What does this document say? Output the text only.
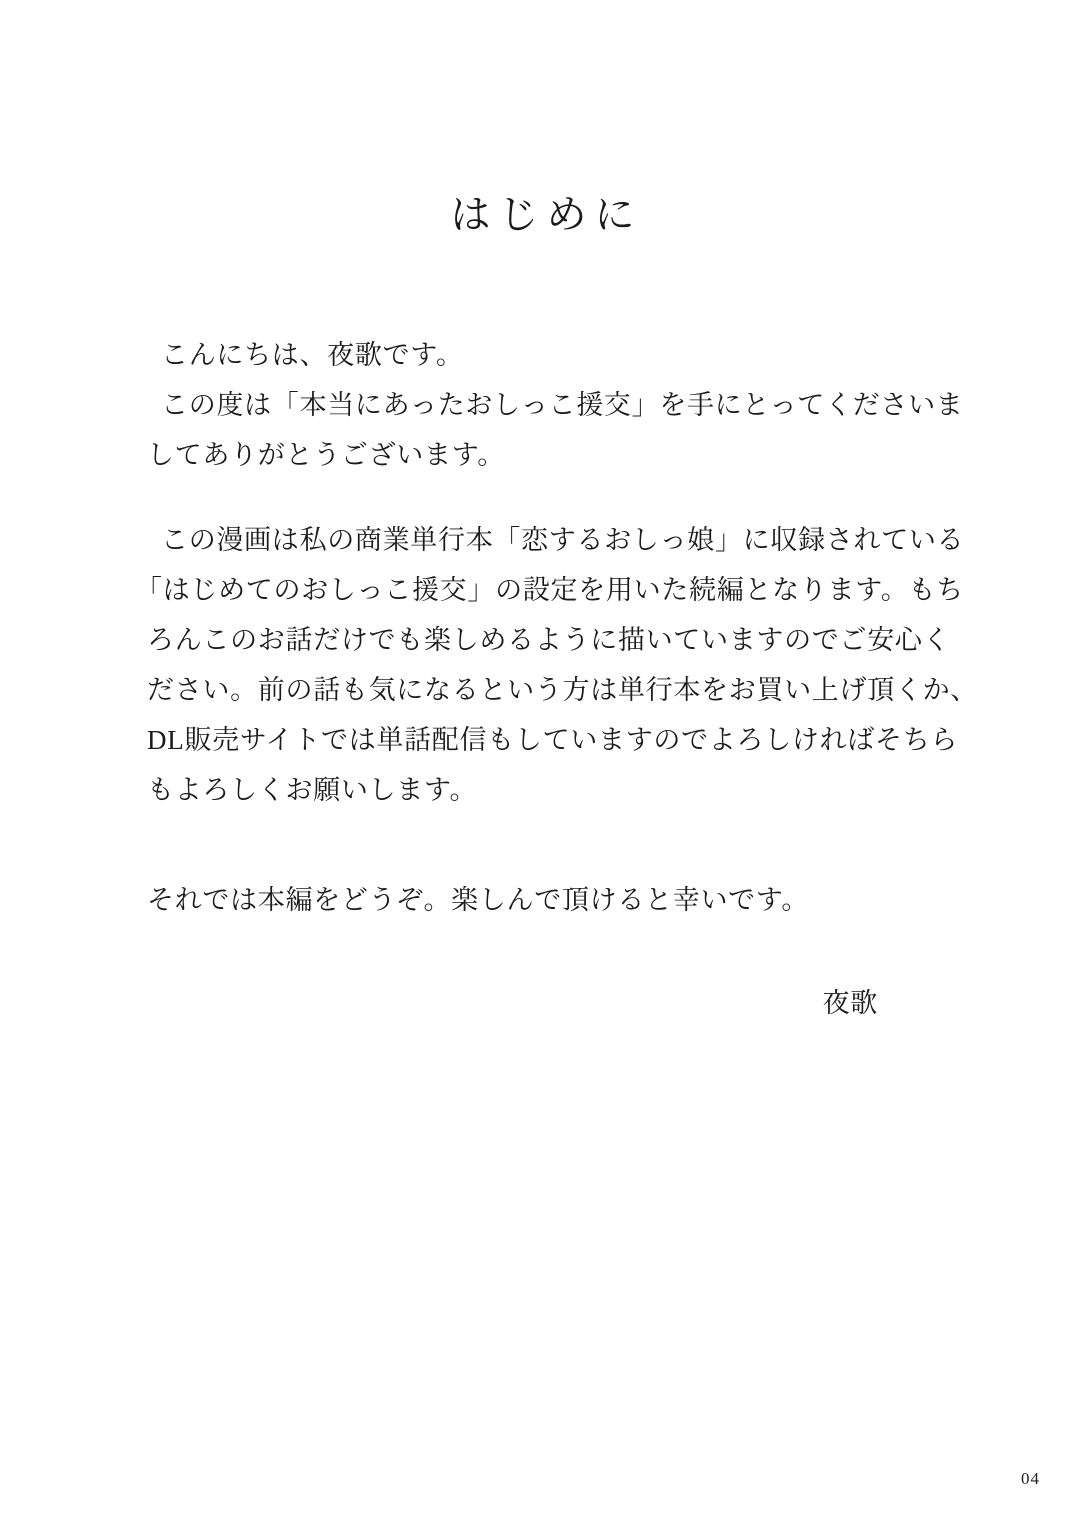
はじめに
こんにちは、夜歌です。
この度は「本当にあったおしっこ援交」を手にとってくださいま
してありがとうございます。
この漫画は私の商業単行本「恋するおしっ娘」に収録されている
「はじめてのおしっこ援交」の設定を用いた続編となります。もち
ろんこのお話だけでも楽しめるように描いていますのでご安心く
ださい。前の話も気になるという方は単行本をお買い上げ頂くか、
DL販売サイトでは単話配信もしていますのでよろしければそちら
もよろしくお願いします。
それでは本編をどうぞ。楽しんで頂けると幸いです。
夜歌
04
